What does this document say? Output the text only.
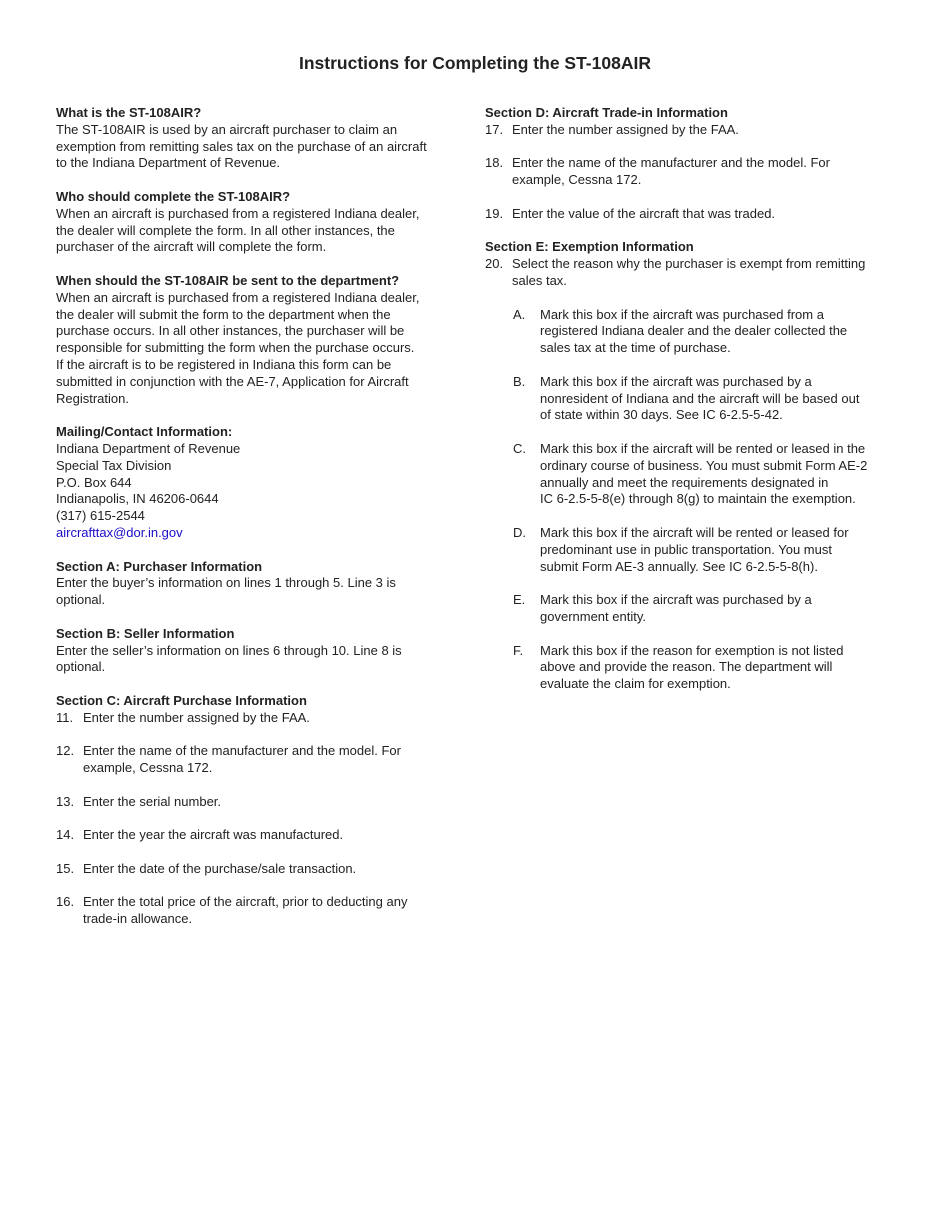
Instructions for Completing the ST-108AIR
What is the ST-108AIR?
The ST-108AIR is used by an aircraft purchaser to claim an
exemption from remitting sales tax on the purchase of an aircraft
to the Indiana Department of Revenue.
Who should complete the ST-108AIR?
When an aircraft is purchased from a registered Indiana dealer,
the dealer will complete the form. In all other instances, the
purchaser of the aircraft will complete the form.
When should the ST-108AIR be sent to the department?
When an aircraft is purchased from a registered Indiana dealer,
the dealer will submit the form to the department when the
purchase occurs. In all other instances, the purchaser will be
responsible for submitting the form when the purchase occurs.
If the aircraft is to be registered in Indiana this form can be
submitted in conjunction with the AE-7, Application for Aircraft
Registration.
Mailing/Contact Information:
Indiana Department of Revenue
Special Tax Division
P.O. Box 644
Indianapolis, IN 46206-0644
(317) 615-2544
aircrafttax@dor.in.gov
Section A: Purchaser Information
Enter the buyer’s information on lines 1 through 5. Line 3 is
optional.
Section B: Seller Information
Enter the seller’s information on lines 6 through 10. Line 8 is
optional.
Section C: Aircraft Purchase Information
11. Enter the number assigned by the FAA.
12. Enter the name of the manufacturer and the model. For
example, Cessna 172.
13. Enter the serial number.
14. Enter the year the aircraft was manufactured.
15. Enter the date of the purchase/sale transaction.
16. Enter the total price of the aircraft, prior to deducting any
trade-in allowance.
Section D: Aircraft Trade-in Information
17. Enter the number assigned by the FAA.
18. Enter the name of the manufacturer and the model. For
example, Cessna 172.
19. Enter the value of the aircraft that was traded.
Section E: Exemption Information
20. Select the reason why the purchaser is exempt from remitting
sales tax.
A. Mark this box if the aircraft was purchased from a
registered Indiana dealer and the dealer collected the
sales tax at the time of purchase.
B. Mark this box if the aircraft was purchased by a
nonresident of Indiana and the aircraft will be based out
of state within 30 days. See IC 6-2.5-5-42.
C. Mark this box if the aircraft will be rented or leased in the
ordinary course of business. You must submit Form AE-2
annually and meet the requirements designated in
IC 6-2.5-5-8(e) through 8(g) to maintain the exemption.
D. Mark this box if the aircraft will be rented or leased for
predominant use in public transportation. You must
submit Form AE-3 annually. See IC 6-2.5-5-8(h).
E. Mark this box if the aircraft was purchased by a
government entity.
F. Mark this box if the reason for exemption is not listed
above and provide the reason. The department will
evaluate the claim for exemption.
